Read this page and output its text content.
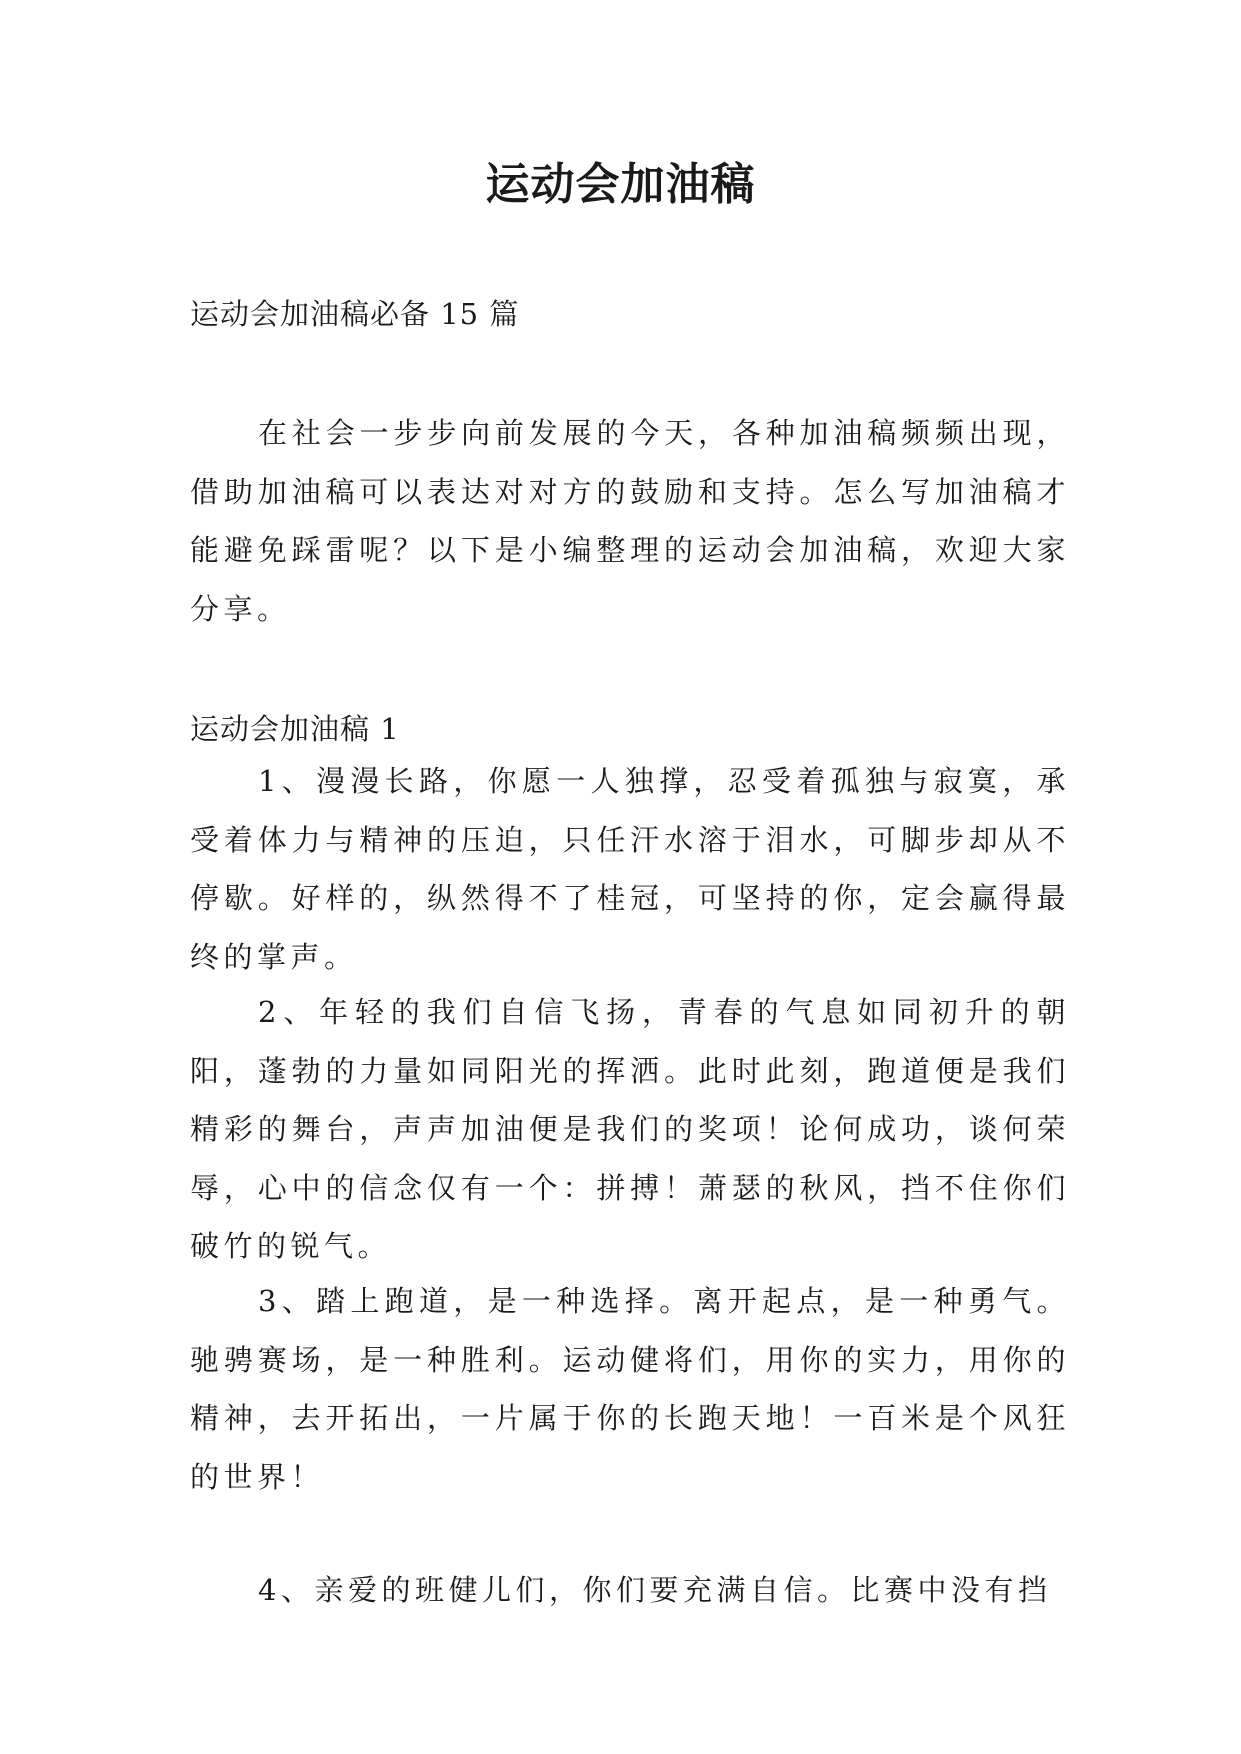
运动会加油稿
运动会加油稿必备 15 篇

在社会一步步向前发展的今天，各种加油稿频频出现，借助加油稿可以表达对对方的鼓励和支持。怎么写加油稿才能避免踩雷呢？以下是小编整理的运动会加油稿，欢迎大家分享。

运动会加油稿 1

1、漫漫长路，你愿一人独撑，忍受着孤独与寂寞，承受着体力与精神的压迫，只任汗水溶于泪水，可脚步却从不停歇。好样的，纵然得不了桂冠，可坚持的你，定会赢得最终的掌声。

2、年轻的我们自信飞扬，青春的气息如同初升的朝阳，蓬勃的力量如同阳光的挥洒。此时此刻，跑道便是我们精彩的舞台，声声加油便是我们的奖项！论何成功，谈何荣辱，心中的信念仅有一个：拼搏！萧瑟的秋风，挡不住你们破竹的锐气。

3、踏上跑道，是一种选择。离开起点，是一种勇气。驰骋赛场，是一种胜利。运动健将们，用你的实力，用你的精神，去开拓出，一片属于你的长跑天地！一百米是个风狂的世界！

4、亲爱的班健儿们，你们要充满自信。比赛中没有挡
